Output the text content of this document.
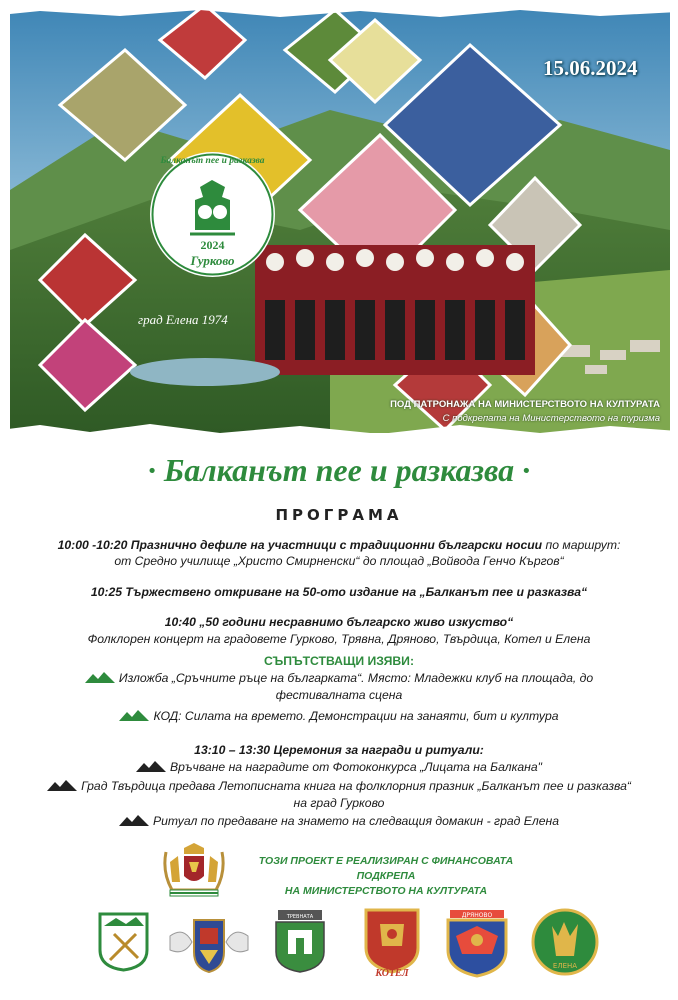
Балканът пее и разказва
2024
Гурково
град Елена 1974
15.06.2024
ПОД ПАТРОНАЖА НА МИНИСТЕРСТВОТО НА КУЛТУРАТА
С подкрепата на Министерството на туризма
· Балканът пее и разказва ·
ПРОГРАМА
10:00 -10:20 Празнично дефиле на участници с традиционни български носии по маршрут:
от Средно училище „Христо Смирненски“ до площад „Войвода Генчо Къргов“
10:25 Тържествено откриване на 50-ото издание на „Балканът пее и разказва“
10:40 „50 години несравнимо българско живо изкуство“
Фолклорен концерт на градовете Гурково, Трявна, Дряново, Твърдица, Котел и Елена
СЪПЪТСТВАЩИ ИЗЯВИ:
Изложба „Сръчните ръце на българката“. Място: Младежки клуб на площада, до
фестивалната сцена
КОД: Силата на времето. Демонстрации на занаяти, бит и култура
13:10 – 13:30 Церемония за награди и ритуали:
Връчване на наградите от Фотоконкурса „Лицата на Балкана"
Град Твърдица предава Летописната книга на фолклорния празник „Балканът пее и разказва“
на град Гурково
Ритуал по предаване на знамето на следващия домакин - град Елена
ТОЗИ ПРОЕКТ Е РЕАЛИЗИРАН С ФИНАНСОВАТА ПОДКРЕПА
НА МИНИСТЕРСТВОТО НА КУЛТУРАТА
ТРЕВНАТА
КОТЕЛ
ДРЯНОВО
ЕЛЕНА
